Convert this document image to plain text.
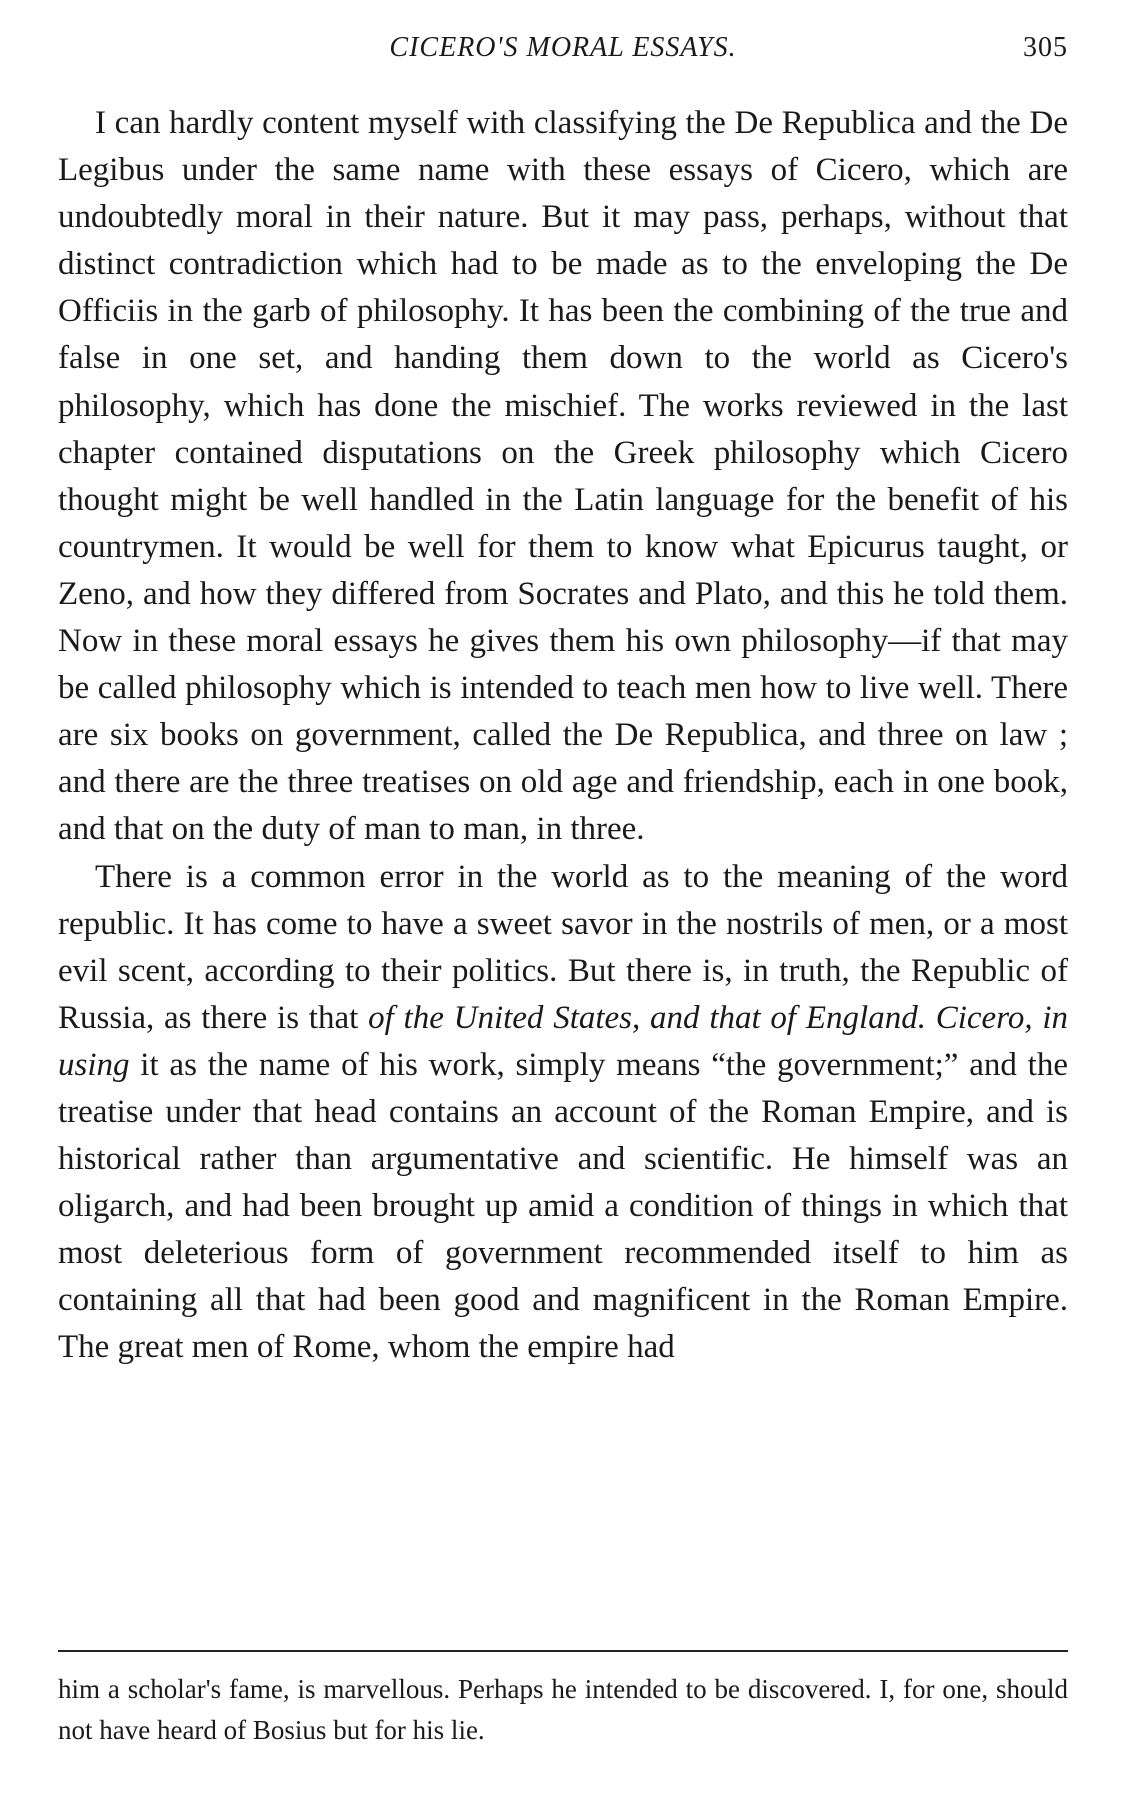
CICERO'S MORAL ESSAYS.	305

I can hardly content myself with classifying the De Republica and the De Legibus under the same name with these essays of Cicero, which are undoubtedly moral in their nature. But it may pass, perhaps, without that distinct contradiction which had to be made as to the enveloping the De Officiis in the garb of philosophy. It has been the combining of the true and false in one set, and handing them down to the world as Cicero's philosophy, which has done the mischief. The works reviewed in the last chapter contained disputations on the Greek philosophy which Cicero thought might be well handled in the Latin language for the benefit of his countrymen. It would be well for them to know what Epicurus taught, or Zeno, and how they differed from Socrates and Plato, and this he told them. Now in these moral essays he gives them his own philosophy—if that may be called philosophy which is intended to teach men how to live well. There are six books on government, called the De Republica, and three on law ; and there are the three treatises on old age and friendship, each in one book, and that on the duty of man to man, in three.

There is a common error in the world as to the meaning of the word republic. It has come to have a sweet savor in the nostrils of men, or a most evil scent, according to their politics. But there is, in truth, the Republic of Russia, as there is that of the United States, and that of England. Cicero, in using it as the name of his work, simply means “the government;” and the treatise under that head contains an account of the Roman Empire, and is historical rather than argumentative and scientific. He himself was an oligarch, and had been brought up amid a condition of things in which that most deleterious form of government recommended itself to him as containing all that had been good and magnificent in the Roman Empire. The great men of Rome, whom the empire had

him a scholar's fame, is marvellous. Perhaps he intended to be discovered. I, for one, should not have heard of Bosius but for his lie.
